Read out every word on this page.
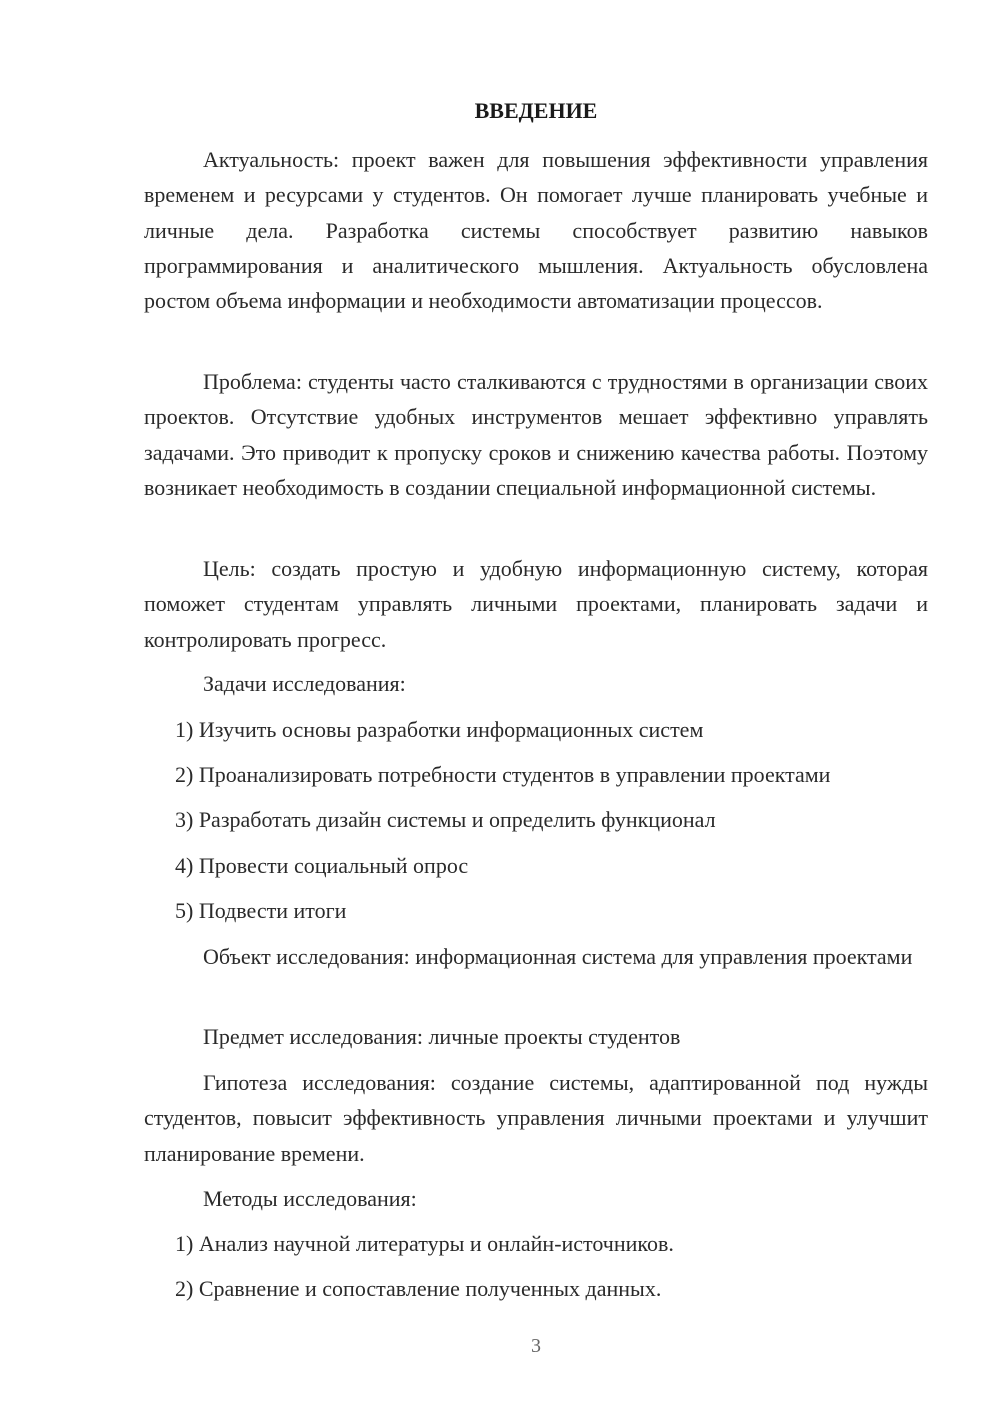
ВВЕДЕНИЕ

Актуальность: проект важен для повышения эффективности управления временем и ресурсами у студентов. Он помогает лучше планировать учебные и личные дела. Разработка системы способствует развитию навыков программирования и аналитического мышления. Актуальность обусловлена ростом объема информации и необходимости автоматизации процессов.

Проблема: студенты часто сталкиваются с трудностями в организации своих проектов. Отсутствие удобных инструментов мешает эффективно управлять задачами. Это приводит к пропуску сроков и снижению качества работы. Поэтому возникает необходимость в создании специальной информационной системы.

Цель: создать простую и удобную информационную систему, которая поможет студентам управлять личными проектами, планировать задачи и контролировать прогресс.

Задачи исследования:
1) Изучить основы разработки информационных систем
2) Проанализировать потребности студентов в управлении проектами
3) Разработать дизайн системы и определить функционал
4) Провести социальный опрос
5) Подвести итоги

Объект исследования: информационная система для управления проектами

Предмет исследования: личные проекты студентов

Гипотеза исследования: создание системы, адаптированной под нужды студентов, повысит эффективность управления личными проектами и улучшит планирование времени.

Методы исследования:
1) Анализ научной литературы и онлайн-источников.
2) Сравнение и сопоставление полученных данных.
3
